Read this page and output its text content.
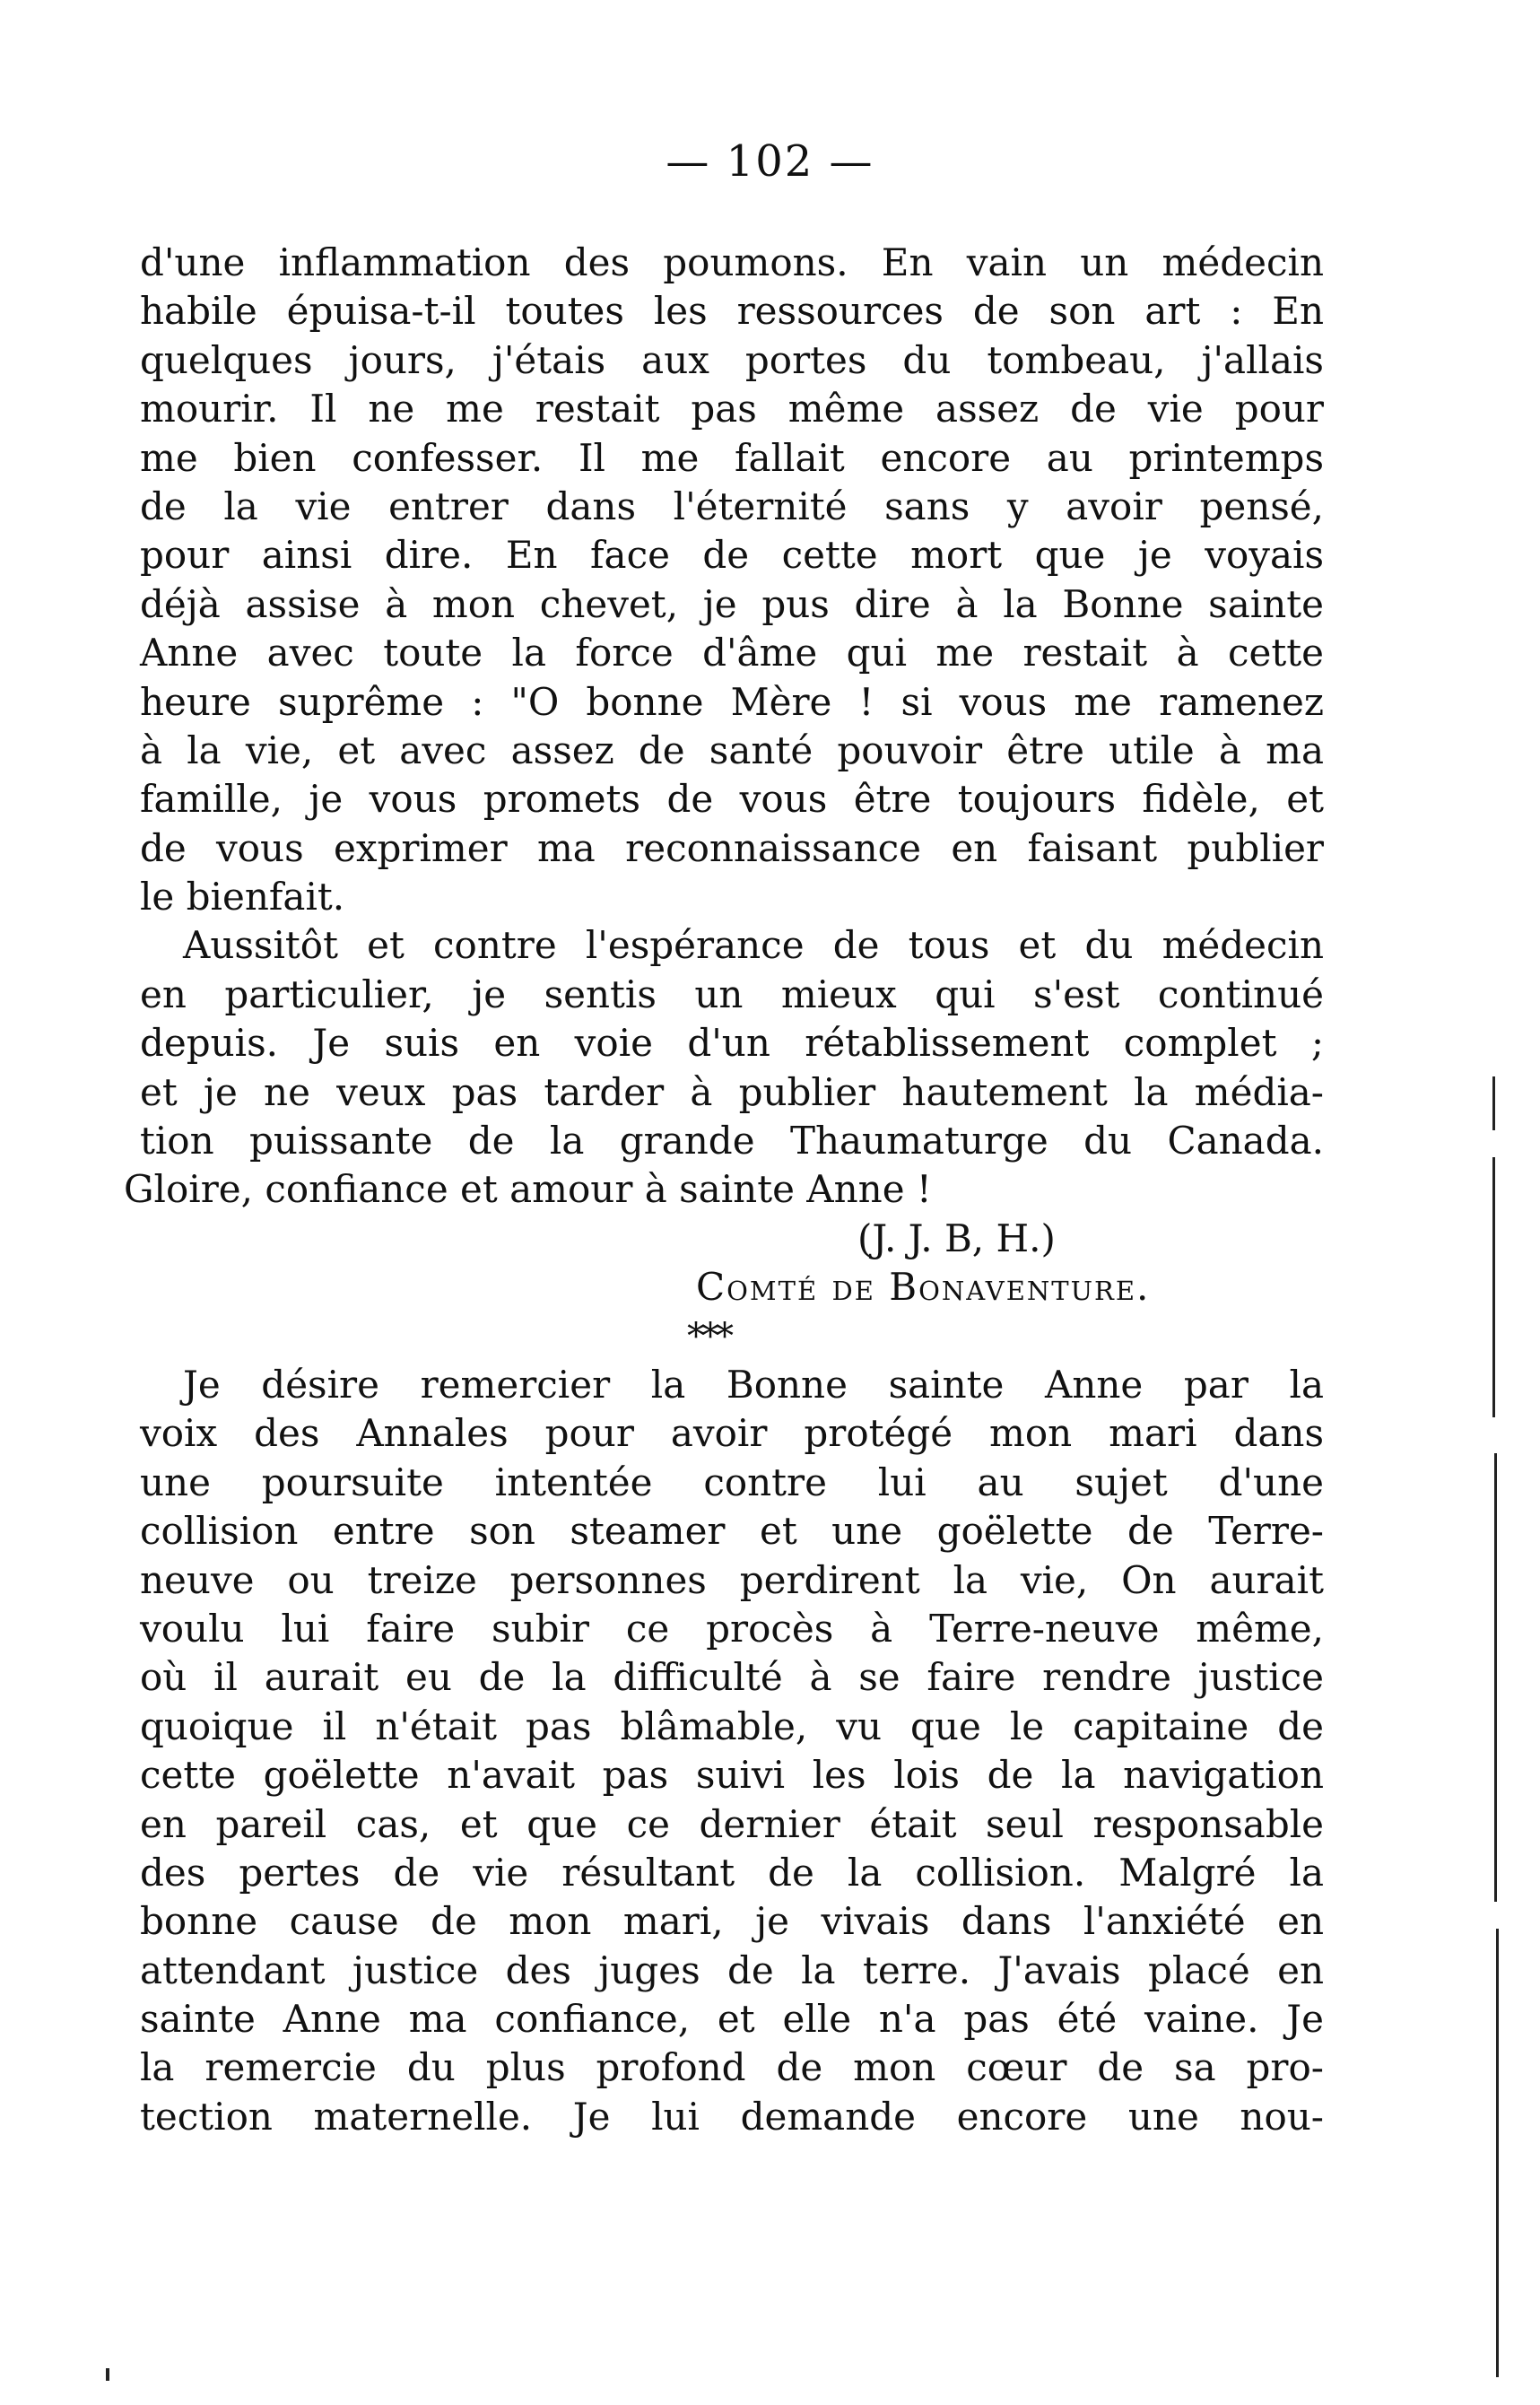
— 102 —
d'une inflammation des poumons. En vain un médecin
habile épuisa-t-il toutes les ressources de son art : En
quelques jours, j'étais aux portes du tombeau, j'allais
mourir. Il ne me restait pas même assez de vie pour
me bien confesser. Il me fallait encore au printemps
de la vie entrer dans l'éternité sans y avoir pensé,
pour ainsi dire. En face de cette mort que je voyais
déjà assise à mon chevet, je pus dire à la Bonne sainte
Anne avec toute la force d'âme qui me restait à cette
heure suprême : "O bonne Mère ! si vous me ramenez
à la vie, et avec assez de santé pouvoir être utile à ma
famille, je vous promets de vous être toujours fidèle, et
de vous exprimer ma reconnaissance en faisant publier
le bienfait.
Aussitôt et contre l'espérance de tous et du médecin
en particulier, je sentis un mieux qui s'est continué
depuis. Je suis en voie d'un rétablissement complet ;
et je ne veux pas tarder à publier hautement la média-
tion puissante de la grande Thaumaturge du Canada.
Gloire, confiance et amour à sainte Anne !
(J. J. B, H.)
Comté de Bonaventure.
***
Je désire remercier la Bonne sainte Anne par la
voix des Annales pour avoir protégé mon mari dans
une poursuite intentée contre lui au sujet d'une
collision entre son steamer et une goëlette de Terre-
neuve ou treize personnes perdirent la vie, On aurait
voulu lui faire subir ce procès à Terre-neuve même,
où il aurait eu de la difficulté à se faire rendre justice
quoique il n'était pas blâmable, vu que le capitaine de
cette goëlette n'avait pas suivi les lois de la navigation
en pareil cas, et que ce dernier était seul responsable
des pertes de vie résultant de la collision. Malgré la
bonne cause de mon mari, je vivais dans l'anxiété en
attendant justice des juges de la terre. J'avais placé en
sainte Anne ma confiance, et elle n'a pas été vaine. Je
la remercie du plus profond de mon cœur de sa pro-
tection maternelle. Je lui demande encore une nou-
